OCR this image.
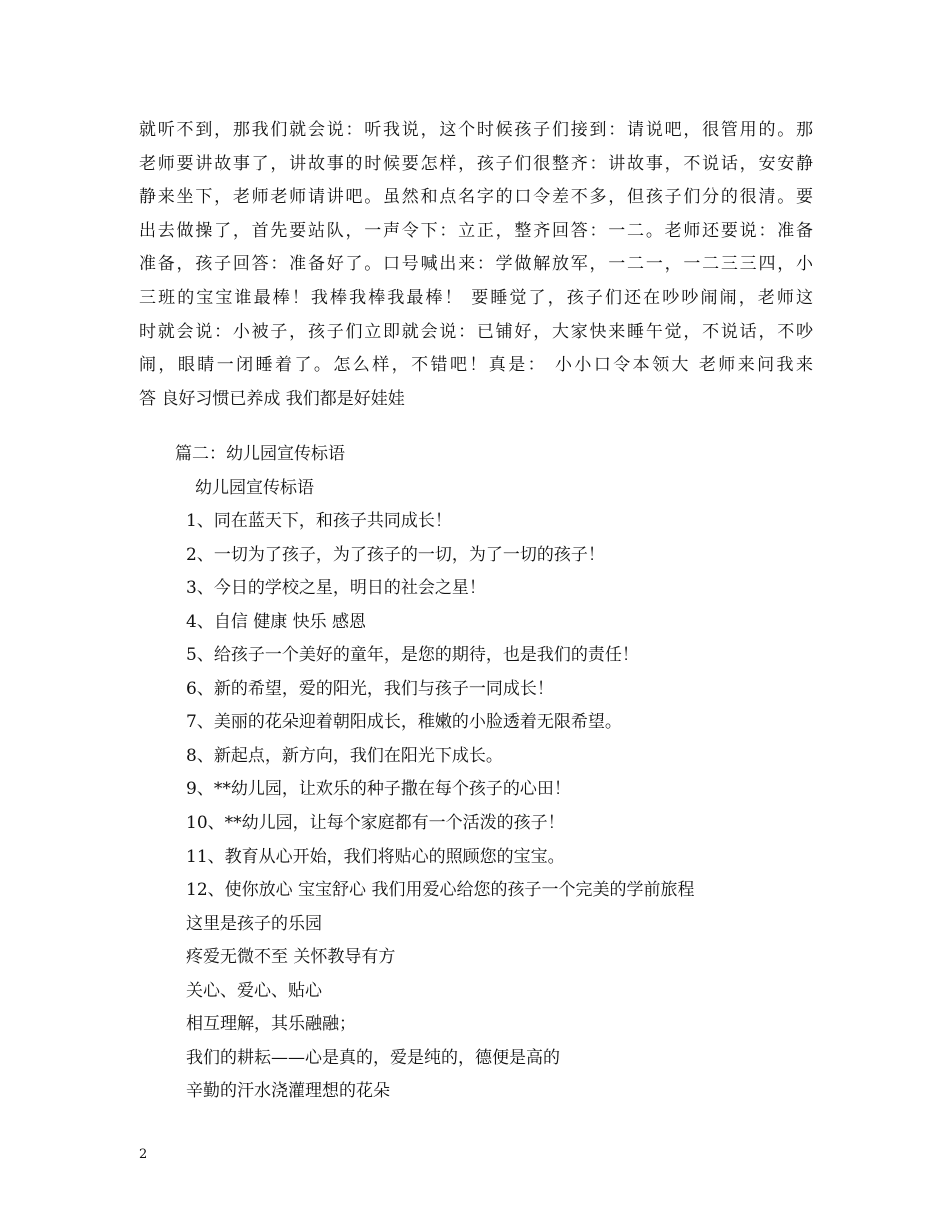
就听不到，那我们就会说：听我说，这个时候孩子们接到：请说吧，很管用的。那
老师要讲故事了，讲故事的时候要怎样，孩子们很整齐：讲故事，不说话，安安静
静来坐下，老师老师请讲吧。虽然和点名字的口令差不多，但孩子们分的很清。要
出去做操了，首先要站队，一声令下：立正，整齐回答：一二。老师还要说：准备
准备，孩子回答：准备好了。口号喊出来：学做解放军，一二一，一二三三四，小
三班的宝宝谁最棒！我棒我棒我最棒！ 要睡觉了，孩子们还在吵吵闹闹，老师这
时就会说：小被子，孩子们立即就会说：已铺好，大家快来睡午觉，不说话，不吵
闹，眼睛一闭睡着了。怎么样，不错吧！真是： 小小口令本领大 老师来问我来
答 良好习惯已养成 我们都是好娃娃

篇二：幼儿园宣传标语
幼儿园宣传标语
1、同在蓝天下，和孩子共同成长！
2、一切为了孩子，为了孩子的一切，为了一切的孩子！
3、今日的学校之星，明日的社会之星！
4、自信 健康 快乐 感恩
5、给孩子一个美好的童年，是您的期待，也是我们的责任！
6、新的希望，爱的阳光，我们与孩子一同成长！
7、美丽的花朵迎着朝阳成长，稚嫩的小脸透着无限希望。
8、新起点，新方向，我们在阳光下成长。
9、**幼儿园，让欢乐的种子撒在每个孩子的心田！
10、**幼儿园，让每个家庭都有一个活泼的孩子！
11、教育从心开始，我们将贴心的照顾您的宝宝。
12、使你放心 宝宝舒心 我们用爱心给您的孩子一个完美的学前旅程
这里是孩子的乐园
疼爱无微不至 关怀教导有方
关心、爱心、贴心
相互理解，其乐融融；
我们的耕耘——心是真的，爱是纯的，德便是高的
辛勤的汗水浇灌理想的花朵
2
